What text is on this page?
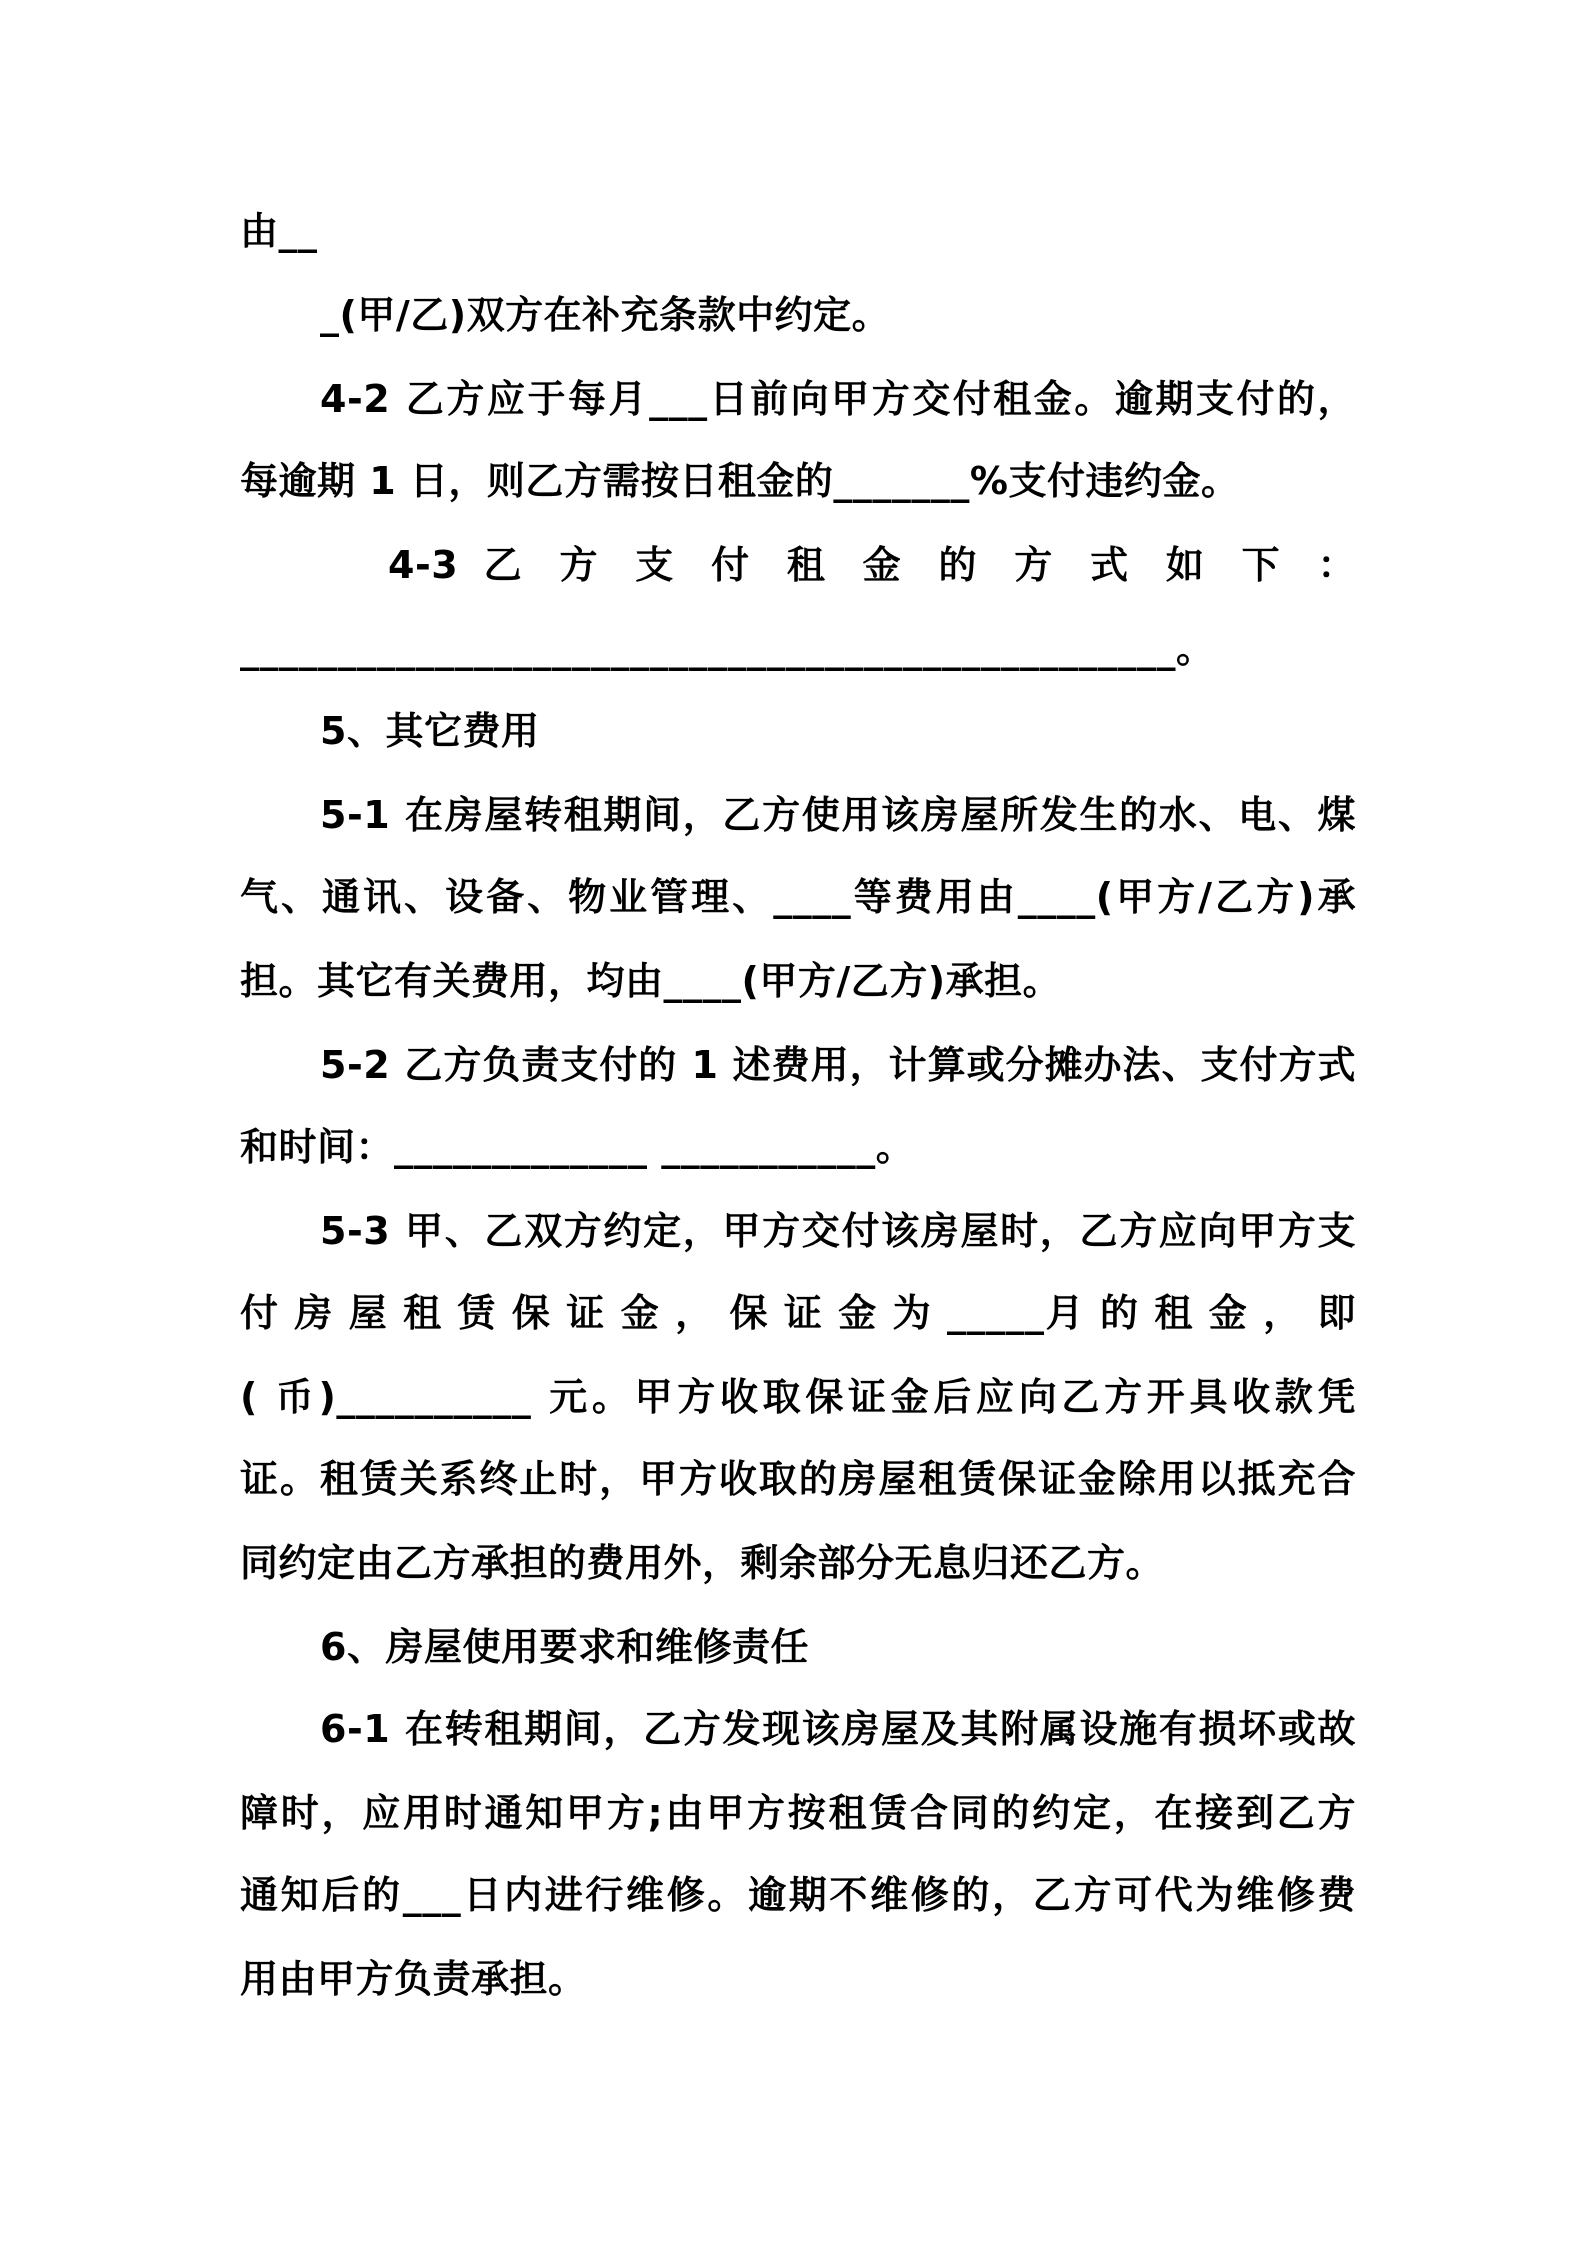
由__
_(甲/乙)双方在补充条款中约定。
4-2 乙方应于每月___日前向甲方交付租金。逾期支付的，
每逾期 1 日，则乙方需按日租金的_______%支付违约金。
4-3 乙 方 支 付 租 金 的 方 式 如 下 ：
________________________________________________。
5、其它费用
5-1 在房屋转租期间，乙方使用该房屋所发生的水、电、煤
气、通讯、设备、物业管理、____等费用由____(甲方/乙方)承
担。其它有关费用，均由____(甲方/乙方)承担。
5-2 乙方负责支付的 1 述费用，计算或分摊办法、支付方式
和时间：_____________ ___________。
5-3 甲、乙双方约定，甲方交付该房屋时，乙方应向甲方支
付 房 屋 租 赁 保 证 金 ， 保 证 金 为 _____月 的 租 金 ， 即
( 币)__________ 元。甲方收取保证金后应向乙方开具收款凭
证。租赁关系终止时，甲方收取的房屋租赁保证金除用以抵充合
同约定由乙方承担的费用外，剩余部分无息归还乙方。
6、房屋使用要求和维修责任
6-1 在转租期间，乙方发现该房屋及其附属设施有损坏或故
障时，应用时通知甲方;由甲方按租赁合同的约定，在接到乙方
通知后的___日内进行维修。逾期不维修的，乙方可代为维修费
用由甲方负责承担。
